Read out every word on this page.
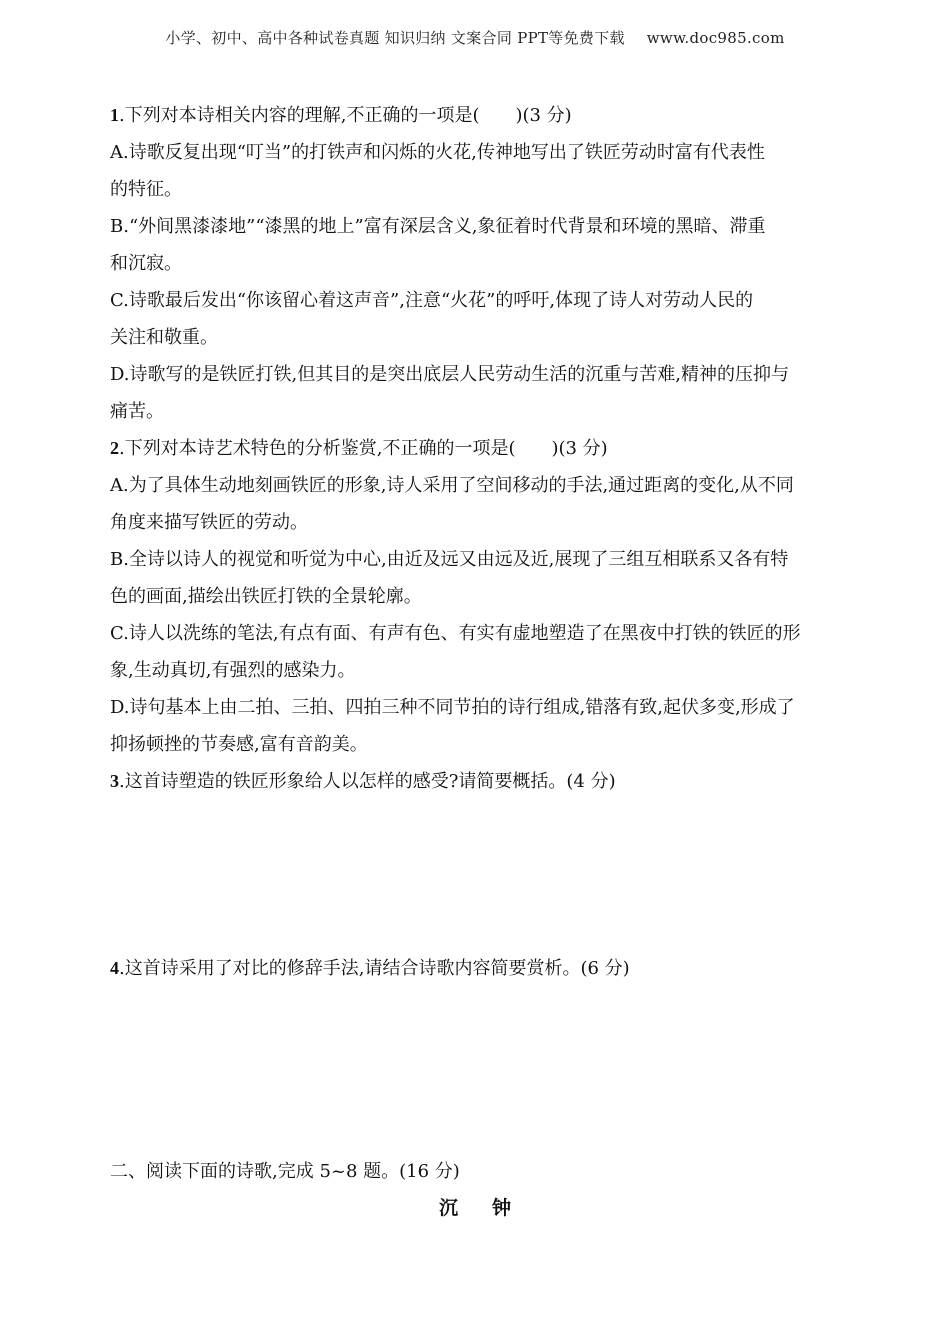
小学、初中、高中各种试卷真题 知识归纳 文案合同 PPT等免费下载 www.doc985.com
1.下列对本诗相关内容的理解,不正确的一项是(　　)(3 分)
A.诗歌反复出现“叮当”的打铁声和闪烁的火花,传神地写出了铁匠劳动时富有代表性
的特征。
B.“外间黑漆漆地”“漆黑的地上”富有深层含义,象征着时代背景和环境的黑暗、滞重
和沉寂。
C.诗歌最后发出“你该留心着这声音”,注意“火花”的呼吁,体现了诗人对劳动人民的
关注和敬重。
D.诗歌写的是铁匠打铁,但其目的是突出底层人民劳动生活的沉重与苦难,精神的压抑与
痛苦。
2.下列对本诗艺术特色的分析鉴赏,不正确的一项是(　　)(3 分)
A.为了具体生动地刻画铁匠的形象,诗人采用了空间移动的手法,通过距离的变化,从不同
角度来描写铁匠的劳动。
B.全诗以诗人的视觉和听觉为中心,由近及远又由远及近,展现了三组互相联系又各有特
色的画面,描绘出铁匠打铁的全景轮廓。
C.诗人以洗练的笔法,有点有面、有声有色、有实有虚地塑造了在黑夜中打铁的铁匠的形
象,生动真切,有强烈的感染力。
D.诗句基本上由二拍、三拍、四拍三种不同节拍的诗行组成,错落有致,起伏多变,形成了
抑扬顿挫的节奏感,富有音韵美。
3.这首诗塑造的铁匠形象给人以怎样的感受?请简要概括。(4 分)
4.这首诗采用了对比的修辞手法,请结合诗歌内容简要赏析。(6 分)
二、阅读下面的诗歌,完成 5~8 题。(16 分)
沉钟
